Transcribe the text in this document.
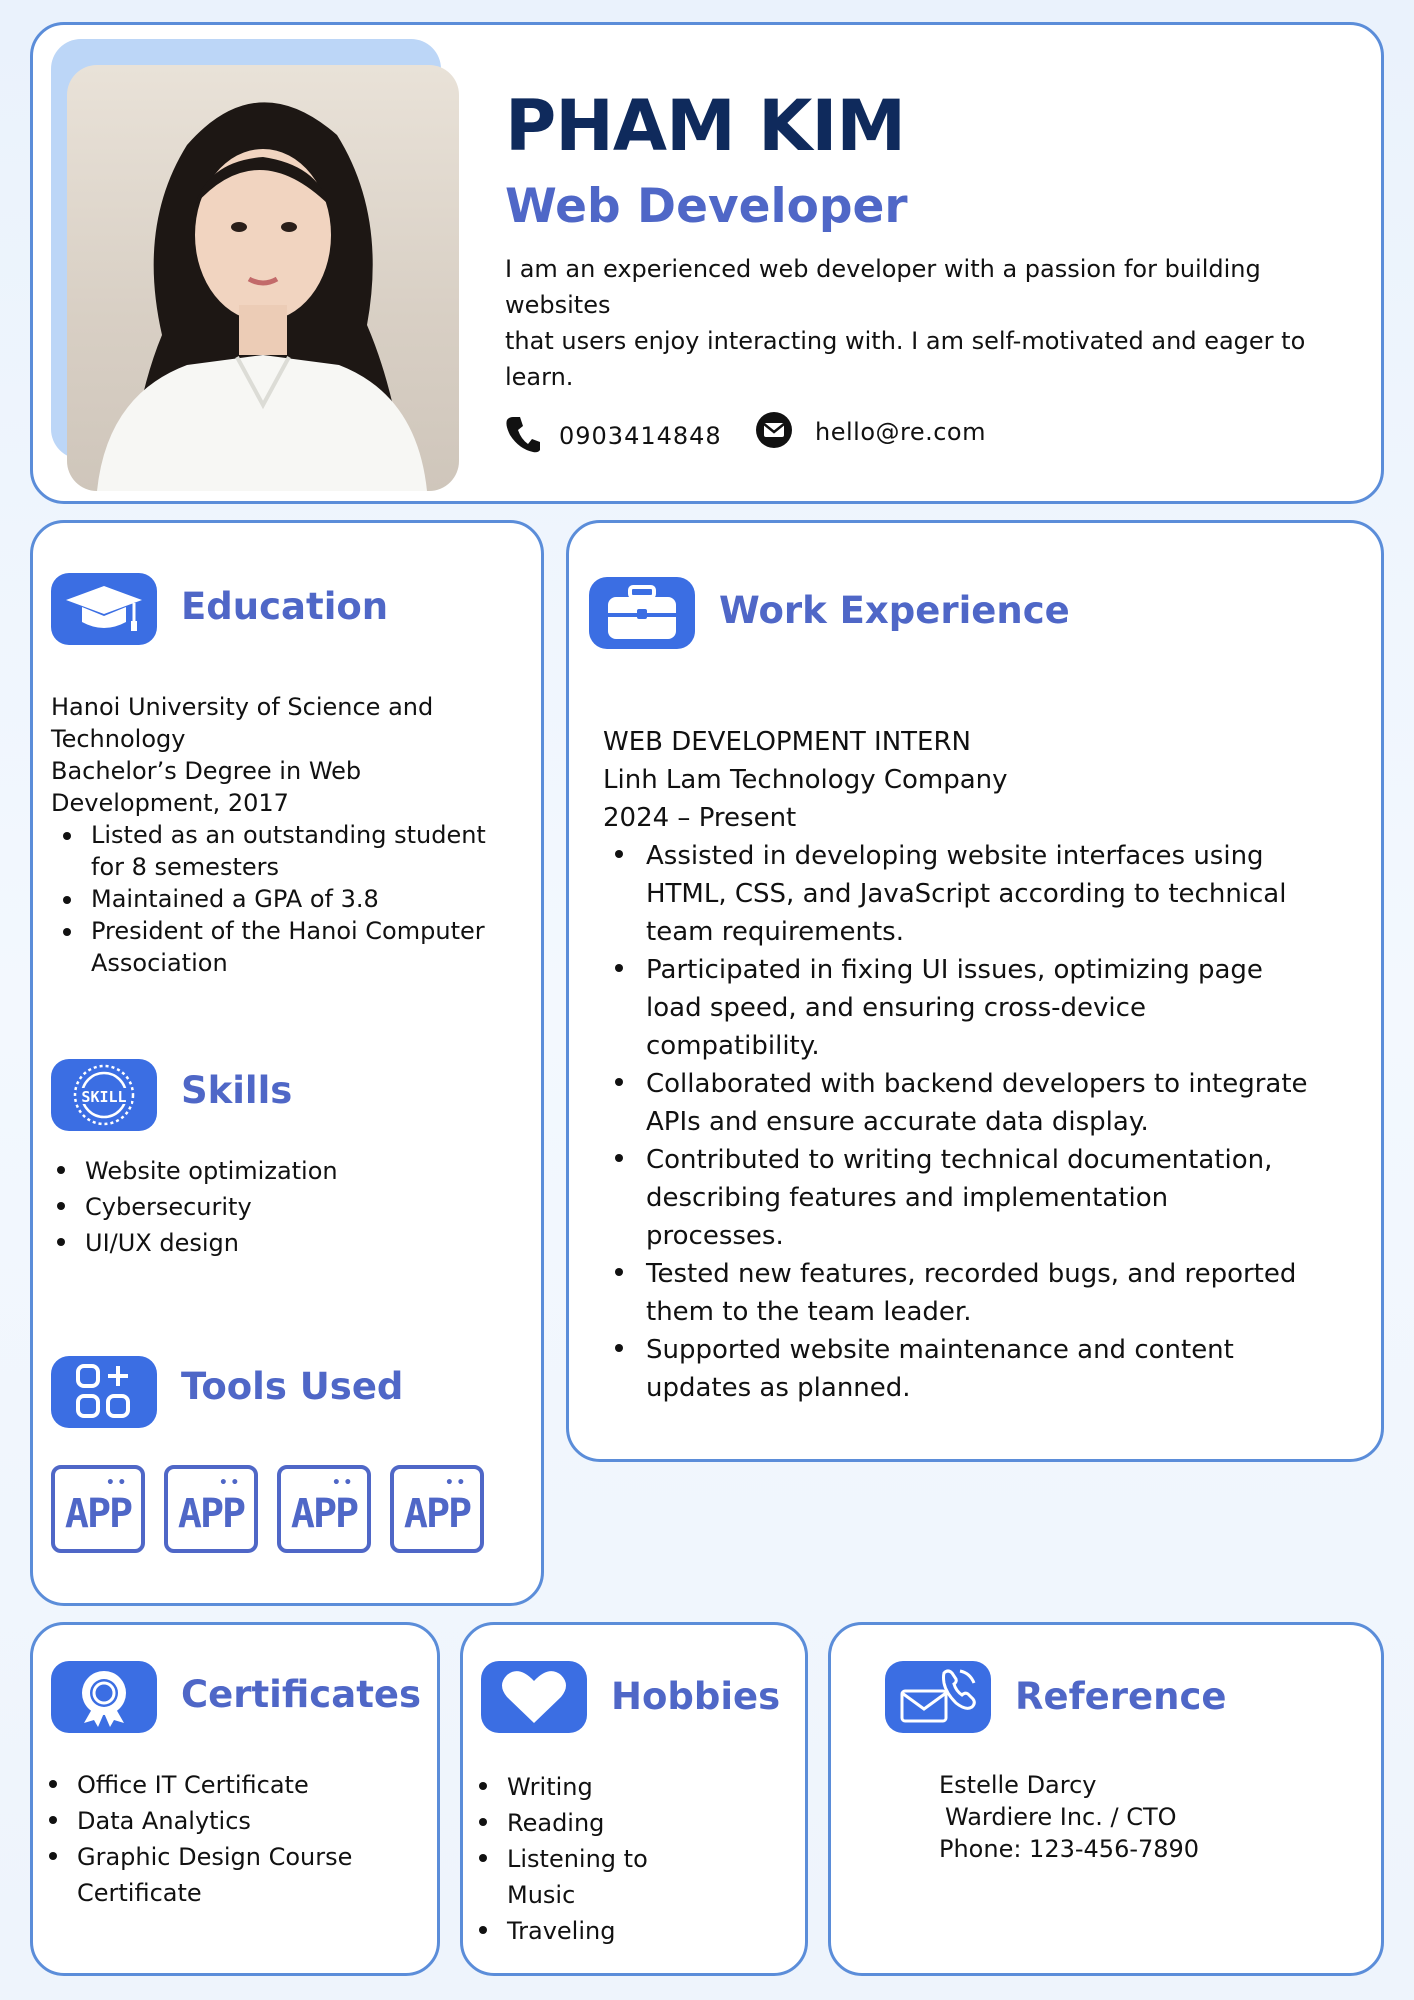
PHAM KIM
Web Developer
I am an experienced web developer with a passion for building websites
that users enjoy interacting with. I am self-motivated and eager to learn.
0903414848	hello@re.com
Education
Hanoi University of Science and Technology
Bachelor’s Degree in Web Development, 2017
Listed as an outstanding student for 8 semesters
Maintained a GPA of 3.8
President of the Hanoi Computer Association
SKILL Skills
Website optimization
Cybersecurity
UI/UX design
Tools Used
••
APP
••
APP
••
APP
••
APP
Work Experience
WEB DEVELOPMENT INTERN
Linh Lam Technology Company
2024 – Present
Assisted in developing website interfaces using HTML, CSS, and JavaScript according to technical team requirements.
Participated in fixing UI issues, optimizing page load speed, and ensuring cross-device compatibility.
Collaborated with backend developers to integrate APIs and ensure accurate data display.
Contributed to writing technical documentation, describing features and implementation processes.
Tested new features, recorded bugs, and reported them to the team leader.
Supported website maintenance and content updates as planned.
Certificates
Office IT Certificate
Data Analytics
Graphic Design Course Certificate
Hobbies
Writing
Reading
Listening to Music
Traveling
Reference
Estelle Darcy
Wardiere Inc. / CTO
Phone: 123-456-7890
